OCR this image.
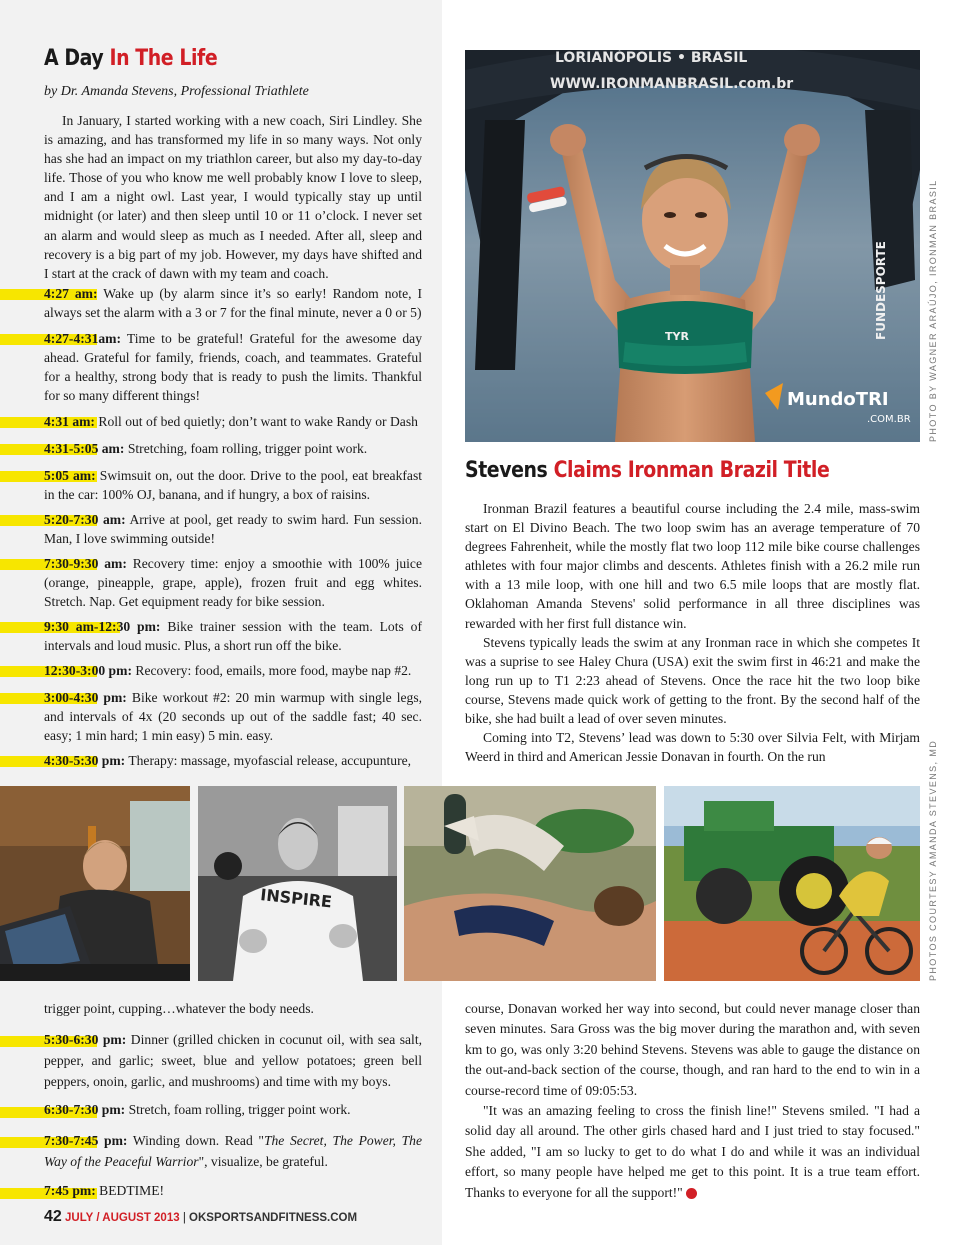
A Day In The Life
by Dr. Amanda Stevens, Professional Triathlete

In January, I started working with a new coach, Siri Lindley. She is amazing, and has transformed my life in so many ways. Not only has she had an impact on my triathlon career, but also my day-to-day life. Those of you who know me well probably know I love to sleep, and I am a night owl. Last year, I would typically stay up until midnight (or later) and then sleep until 10 or 11 o’clock. I never set an alarm and would sleep as much as I needed. After all, sleep and recovery is a big part of my job. However, my days have shifted and I start at the crack of dawn with my team and coach.

4:27 am: Wake up (by alarm since it’s so early! Random note, I always set the alarm with a 3 or 7 for the final minute, never a 0 or 5)
4:27-4:31am: Time to be grateful! Grateful for the awesome day ahead. Grateful for family, friends, coach, and teammates. Grateful for a healthy, strong body that is ready to push the limits. Thankful for so many different things!
4:31 am: Roll out of bed quietly; don’t want to wake Randy or Dash
4:31-5:05 am: Stretching, foam rolling, trigger point work.
5:05 am: Swimsuit on, out the door. Drive to the pool, eat breakfast in the car: 100% OJ, banana, and if hungry, a box of raisins.
5:20-7:30 am: Arrive at pool, get ready to swim hard. Fun session. Man, I love swimming outside!
7:30-9:30 am: Recovery time: enjoy a smoothie with 100% juice (orange, pineapple, grape, apple), frozen fruit and egg whites. Stretch. Nap. Get equipment ready for bike session.
9:30 am-12:30 pm: Bike trainer session with the team. Lots of intervals and loud music. Plus, a short run off the bike.
12:30-3:00 pm: Recovery: food, emails, more food, maybe nap #2.
3:00-4:30 pm: Bike workout #2: 20 min warmup with single legs, and intervals of 4x (20 seconds up out of the saddle fast; 40 sec. easy; 1 min hard; 1 min easy) 5 min. easy.
4:30-5:30 pm: Therapy: massage, myofascial release, accupunture,
trigger point, cupping…whatever the body needs.
5:30-6:30 pm: Dinner (grilled chicken in cocunut oil, with sea salt, pepper, and garlic; sweet, blue and yellow potatoes; green bell peppers, onoin, garlic, and mushrooms) and time with my boys.
6:30-7:30 pm: Stretch, foam rolling, trigger point work.
7:30-7:45 pm: Winding down. Read "The Secret, The Power, The Way of the Peaceful Warrior", visualize, be grateful.
7:45 pm: BEDTIME!
LORIANÓPOLIS • BRASIL
WWW.IRONMANBRASIL.com.br
TYR	FUNDESPORTE
MundoTRI
.COM.BR PHOTO BY WAGNER ARAÚJO, IRONMAN BRASIL
Stevens Claims Ironman Brazil Title

Ironman Brazil features a beautiful course including the 2.4 mile, mass-swim start on El Divino Beach. The two loop swim has an average temperature of 70 degrees Fahrenheit, while the mostly flat two loop 112 mile bike course challenges athletes with four major climbs and descents. Athletes finish with a 26.2 mile run with a 13 mile loop, with one hill and two 6.5 mile loops that are mostly flat. Oklahoman Amanda Stevens' solid performance in all three disciplines was rewarded with her first full distance win.

Stevens typically leads the swim at any Ironman race in which she competes It was a suprise to see Haley Chura (USA) exit the swim first in 46:21 and make the long run up to T1 2:23 ahead of Stevens. Once the race hit the two loop bike course, Stevens made quick work of getting to the front. By the second half of the bike, she had built a lead of over seven minutes.

Coming into T2, Stevens’ lead was down to 5:30 over Silvia Felt, with Mirjam Weerd in third and American Jessie Donavan in fourth. On the run

course, Donavan worked her way into second, but could never manage closer than seven minutes. Sara Gross was the big mover during the marathon and, with seven km to go, was only 3:20 behind Stevens. Stevens was able to gauge the distance on the out-and-back section of the course, though, and ran hard to the end to win in a course-record time of 09:05:53.

"It was an amazing feeling to cross the finish line!" Stevens smiled. "I had a solid day all around. The other girls chased hard and I just tried to stay focused." She added, "I am so lucky to get to do what I do and while it was an individual effort, so many people have helped me get to this point. It is a true team effort. Thanks to everyone for all the support!"

INSPIRE	PHOTOS COURTESY AMANDA STEVENS, MD
42 JULY / AUGUST 2013 | OKSPORTSANDFITNESS.COM
